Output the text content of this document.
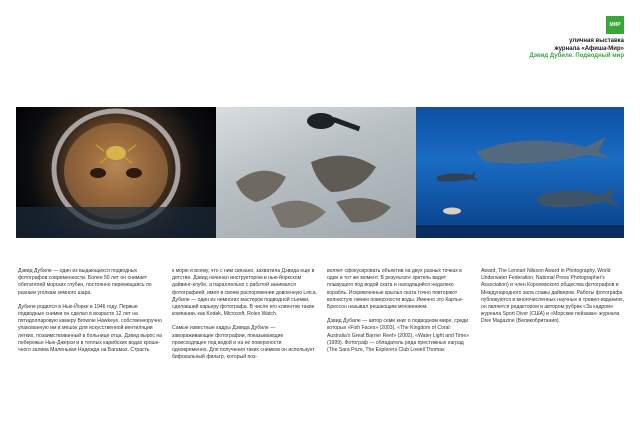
МИР
уличная выставка
журнала «Афиша-Мир»
Дэвид Дубиле. Подводный мир

Дэвид Дубиле — один из выдающихся подводных фотографов современности. Более 50 лет он снимает обитателей морских глубин, постоянно перемещаясь по разным уголкам земного шара.

Дубиле родился в Нью-Йорке в 1946 году. Первые подводные снимки он сделал в возрасте 12 лет на пятидолларовую камеру Brownie Hawkeye, собственноручно упакованную им в мешок для искусственной вентиляции легких, позаимствованный в больнице отца. Дэвид вырос на побережье Нью-Джерси и в теплых карибских водах кроше-чного залива Маленькая Надежда на Багамах. Страсть

к морю и всему, что с ним связано, захватила Дэвида еще в детстве. Дэвид начинал инструктором в нью-йоркском дайвинг-клубе, а параллельно с работой занимался фотографией, имея в своем распоряжении довоенную Leica. Дубиле — один из немногих мастеров подводной съемки, сделавший карьеру фотографа. В числе его клиентов такие компании, как Kodak, Microsoft, Rolex Watch.

Самые известные кадры Дэвида Дубиле — завораживающие фотографии, показывающие происходящее под водой и на ее поверхности одновременно. Для получения таких снимков он использует бифокальный фильтр, который поз-

воляет сфокусировать объектив на двух разных точках в один и тот же момент. В результате зритель видит плывущего под водой ската и находящийся недалеко корабль. Искривленные крылья ската точно повторяют волнистую линию поверхности воды. Именно это Картье-Брессон называл решающим мгновением.

Дэвид Дубиле — автор семи книг о подводном мире, среди которых «Fish Faces» (2003), «The Kingdom of Coral: Australia's Great Barrier Reef» (2002), «Water Light and Time» (1999). Фотограф — обладатель ряда престижных наград (The Sara Prize, The Explorers Club Lowell Thomas

Award, The Lennart Nilsson Award in Photography, World Underwater Federation, National Press Photographer's Association) и член Королевского общества фотографов и Международного зала славы дайверов. Работы фотографа публикуются в многочисленных научных и тревел-изданиях, он является редактором и автором рубрик «За кадром» журнала Sport Diver (США) и «Морские пейзажи» журнала Dive Magazine (Великобритания).
